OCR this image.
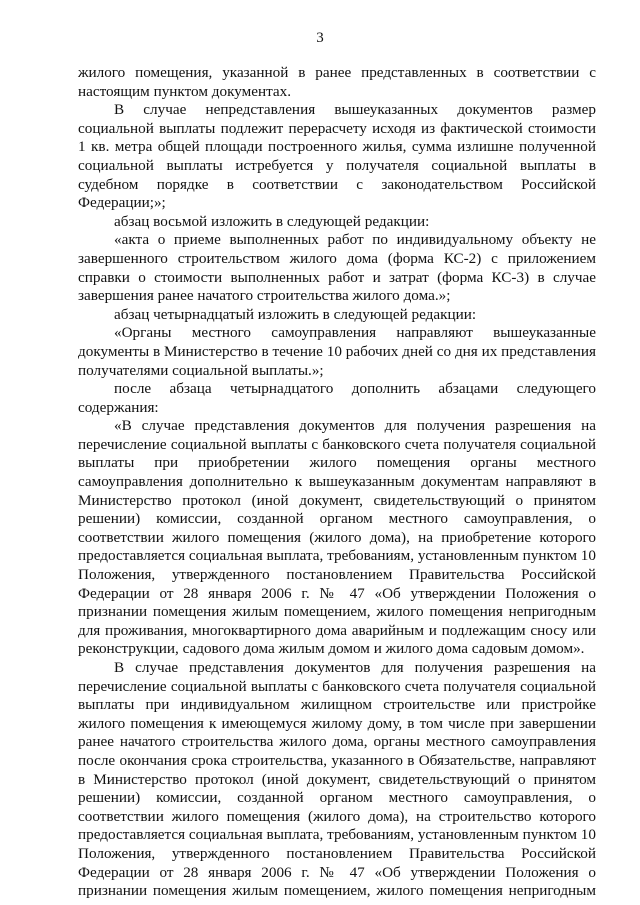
3

жилого помещения, указанной в ранее представленных в соответствии с

настоящим пунктом документах.

В случае непредставления вышеуказанных документов размер

социальной выплаты подлежит перерасчету исходя из фактической стоимости

1 кв. метра общей площади построенного жилья, сумма излишне полученной

социальной выплаты истребуется у получателя социальной выплаты в

судебном порядке в соответствии с законодательством Российской

Федерации;»;

абзац восьмой изложить в следующей редакции:

«акта о приеме выполненных работ по индивидуальному объекту не

завершенного строительством жилого дома (форма КС-2) с приложением

справки о стоимости выполненных работ и затрат (форма КС-3) в случае

завершения ранее начатого строительства жилого дома.»;

абзац четырнадцатый изложить в следующей редакции:

«Органы местного самоуправления направляют вышеуказанные

документы в Министерство в течение 10 рабочих дней со дня их представления

получателями социальной выплаты.»;

после абзаца четырнадцатого дополнить абзацами следующего

содержания:

«В случае представления документов для получения разрешения на

перечисление социальной выплаты с банковского счета получателя социальной

выплаты при приобретении жилого помещения органы местного

самоуправления дополнительно к вышеуказанным документам направляют в

Министерство протокол (иной документ, свидетельствующий о принятом

решении) комиссии, созданной органом местного самоуправления, о

соответствии жилого помещения (жилого дома), на приобретение которого

предоставляется социальная выплата, требованиям, установленным пунктом 10

Положения, утвержденного постановлением Правительства Российской

Федерации от 28 января 2006 г. № 47 «Об утверждении Положения о

признании помещения жилым помещением, жилого помещения непригодным

для проживания, многоквартирного дома аварийным и подлежащим сносу или

реконструкции, садового дома жилым домом и жилого дома садовым домом».

В случае представления документов для получения разрешения на

перечисление социальной выплаты с банковского счета получателя социальной

выплаты при индивидуальном жилищном строительстве или пристройке

жилого помещения к имеющемуся жилому дому, в том числе при завершении

ранее начатого строительства жилого дома, органы местного самоуправления

после окончания срока строительства, указанного в Обязательстве, направляют

в Министерство протокол (иной документ, свидетельствующий о принятом

решении) комиссии, созданной органом местного самоуправления, о

соответствии жилого помещения (жилого дома), на строительство которого

предоставляется социальная выплата, требованиям, установленным пунктом 10

Положения, утвержденного постановлением Правительства Российской

Федерации от 28 января 2006 г. № 47 «Об утверждении Положения о

признании помещения жилым помещением, жилого помещения непригодным
